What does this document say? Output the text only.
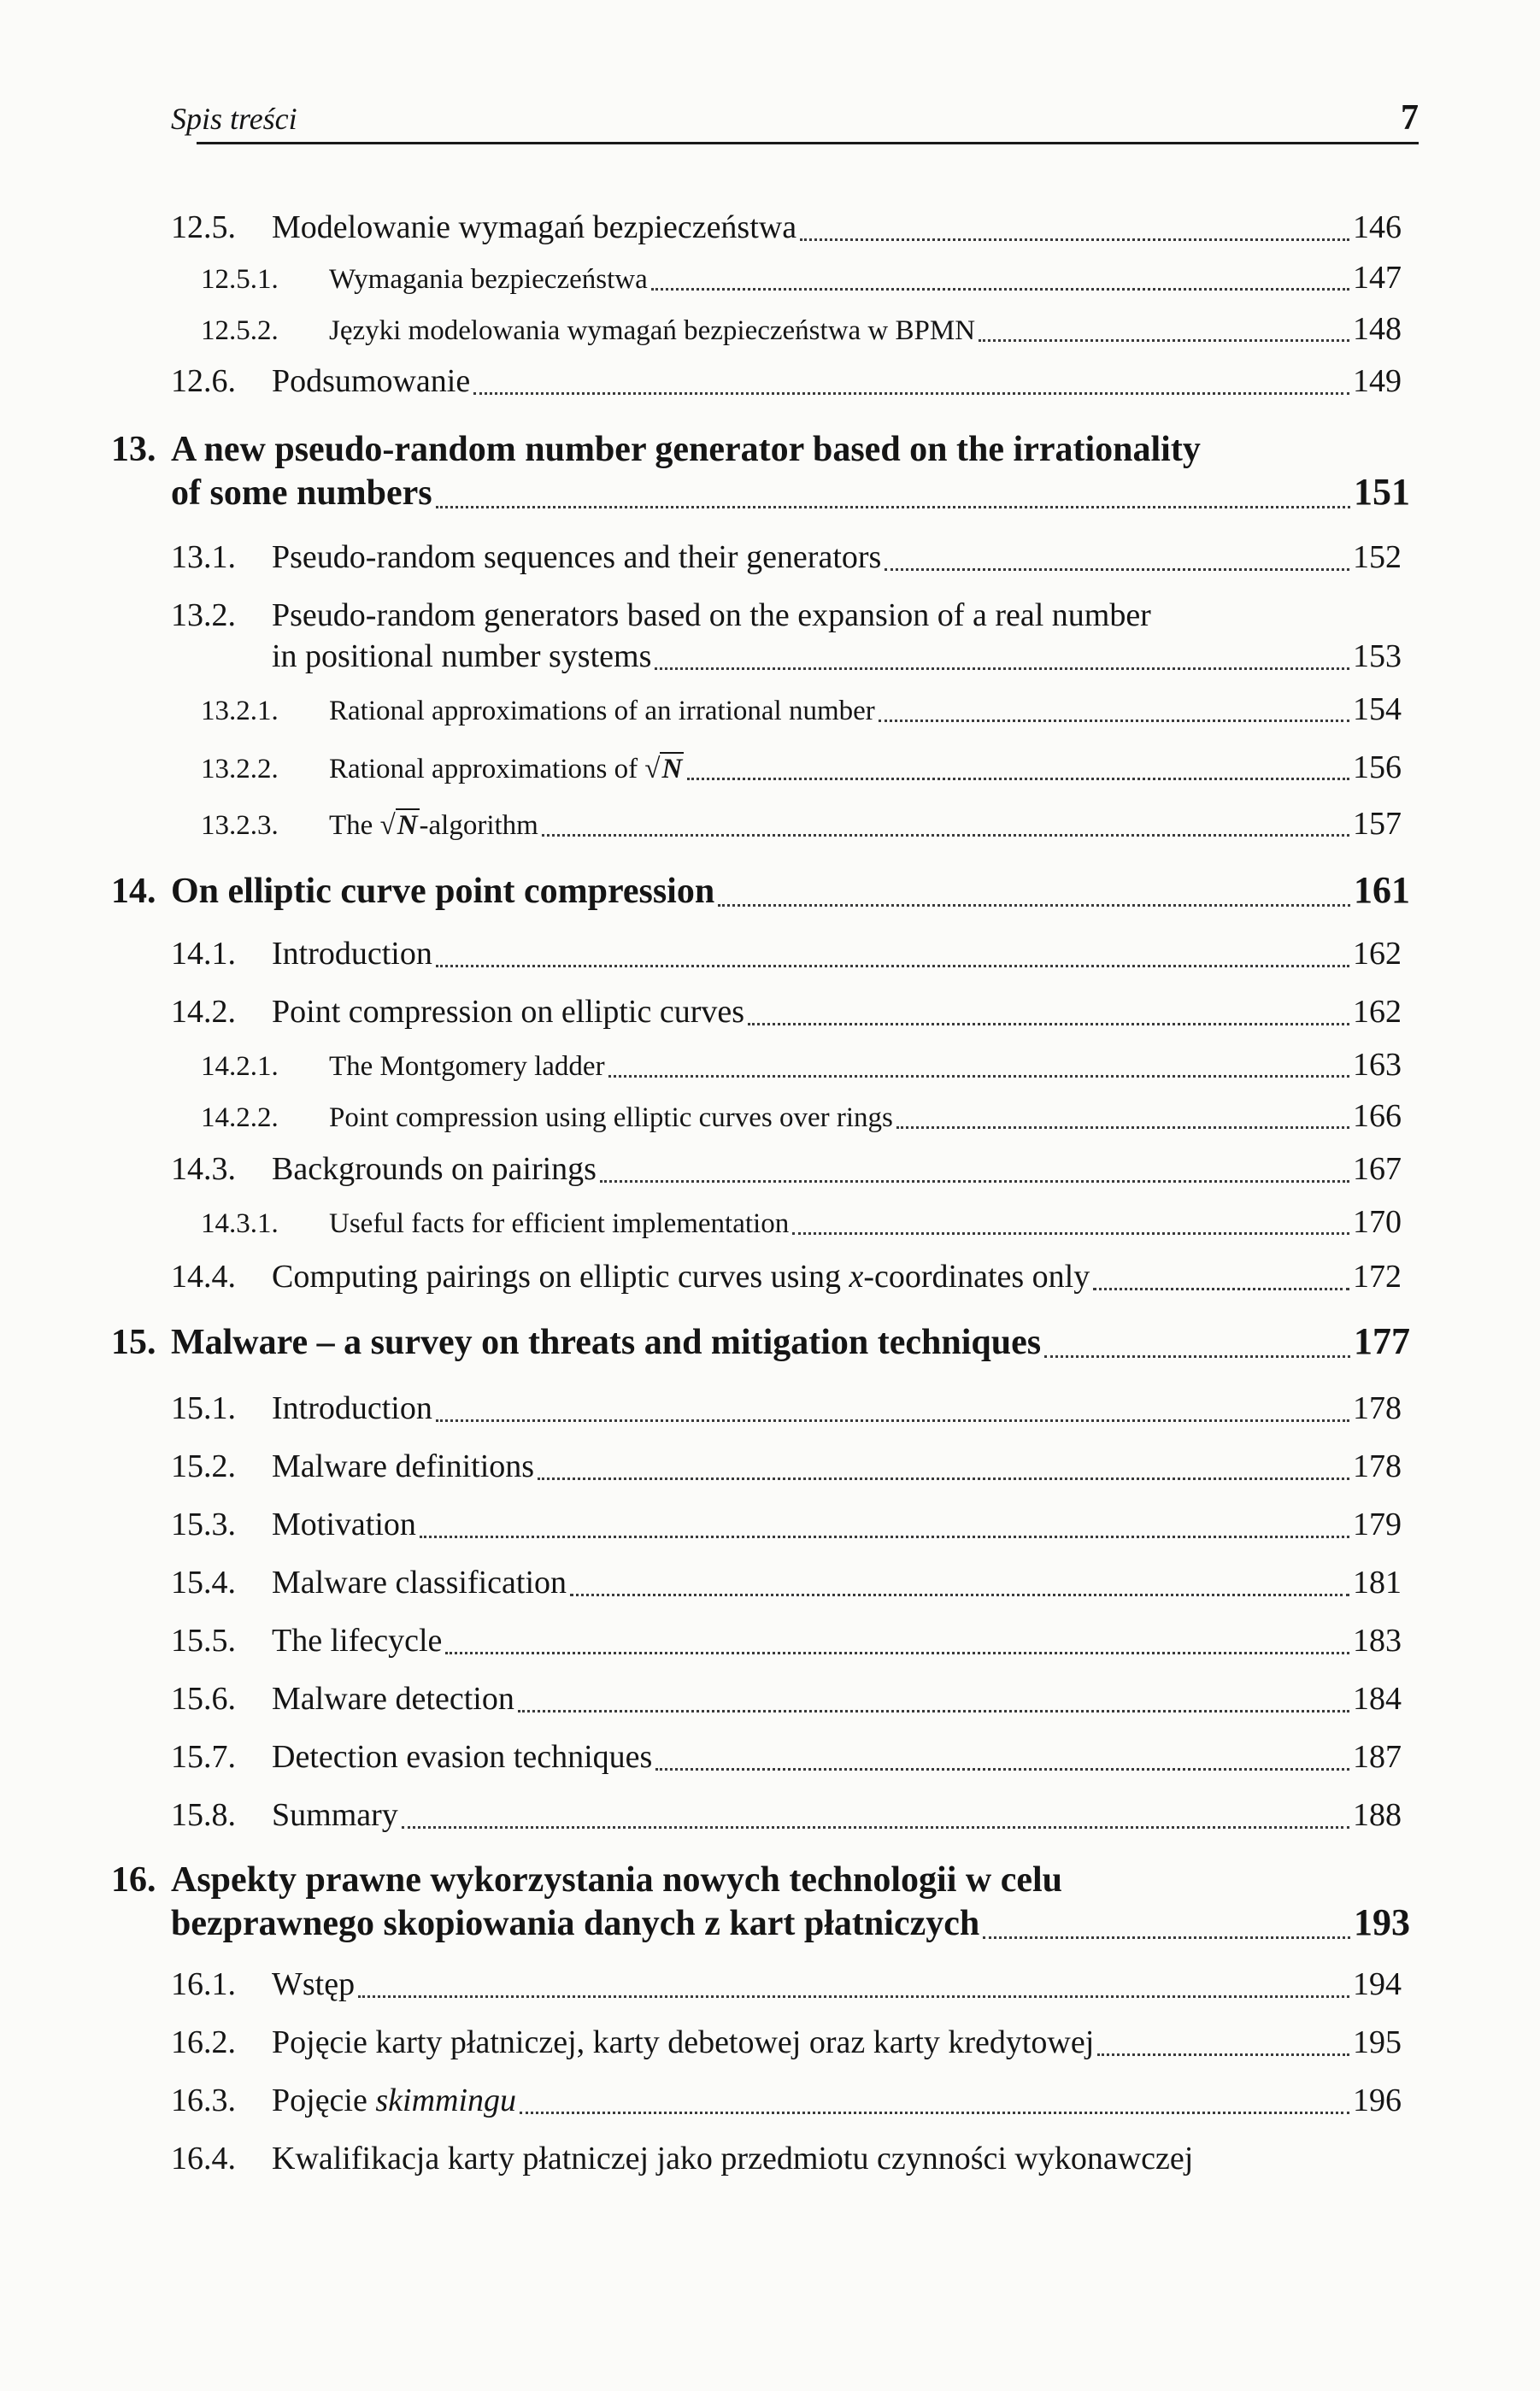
Spis treści	7
12.5.	Modelowanie wymagań bezpieczeństwa	146
12.5.1.	Wymagania bezpieczeństwa	147
12.5.2.	Języki modelowania wymagań bezpieczeństwa w BPMN	148
12.6.	Podsumowanie	149
13. A new pseudo-random number generator based on the irrationality
of some numbers	151
13.1.	Pseudo-random sequences and their generators	152
13.2.	Pseudo-random generators based on the expansion of a real number
in positional number systems	153
13.2.1.	Rational approximations of an irrational number	154
13.2.2.	Rational approximations of √N	156
13.2.3.	The √N-algorithm	157
14. On elliptic curve point compression	161
14.1.	Introduction	162
14.2.	Point compression on elliptic curves	162
14.2.1.	The Montgomery ladder	163
14.2.2.	Point compression using elliptic curves over rings	166
14.3.	Backgrounds on pairings	167
14.3.1.	Useful facts for efficient implementation	170
14.4.	Computing pairings on elliptic curves using x-coordinates only	172
15. Malware – a survey on threats and mitigation techniques	177
15.1.	Introduction	178
15.2.	Malware definitions	178
15.3.	Motivation	179
15.4.	Malware classification	181
15.5.	The lifecycle	183
15.6.	Malware detection	184
15.7.	Detection evasion techniques	187
15.8.	Summary	188
16. Aspekty prawne wykorzystania nowych technologii w celu
bezprawnego skopiowania danych z kart płatniczych	193
16.1.	Wstęp	194
16.2.	Pojęcie karty płatniczej, karty debetowej oraz karty kredytowej	195
16.3.	Pojęcie skimmingu	196
16.4.	Kwalifikacja karty płatniczej jako przedmiotu czynności wykonawczej
